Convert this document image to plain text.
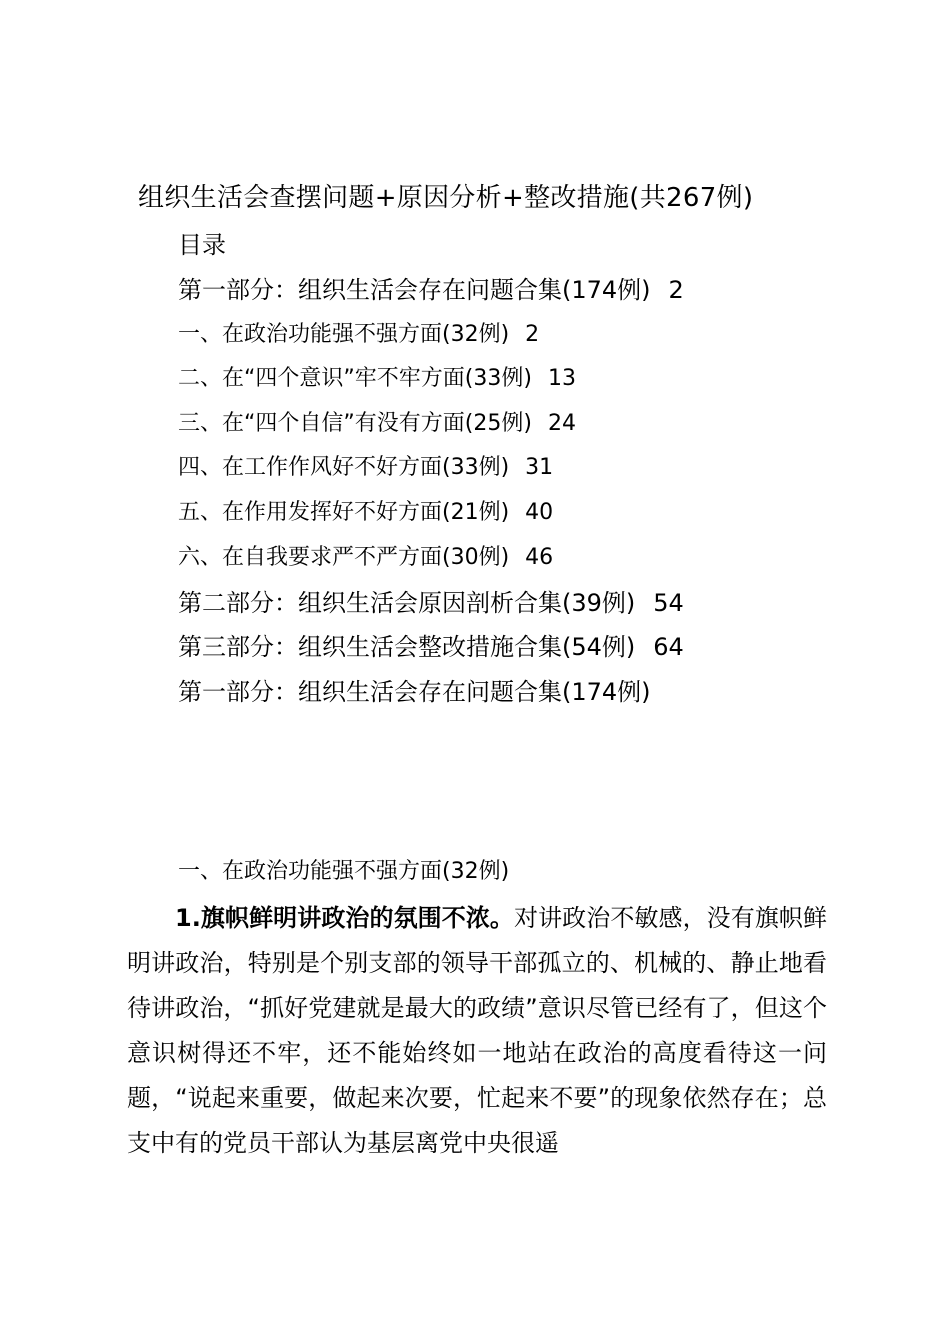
组织生活会查摆问题+原因分析+整改措施(共267例)
目录
第一部分：组织生活会存在问题合集(174例) 2
一、在政治功能强不强方面(32例) 2
二、在“四个意识”牢不牢方面(33例) 13
三、在“四个自信”有没有方面(25例) 24
四、在工作作风好不好方面(33例) 31
五、在作用发挥好不好方面(21例) 40
六、在自我要求严不严方面(30例) 46
第二部分：组织生活会原因剖析合集(39例) 54
第三部分：组织生活会整改措施合集(54例) 64
第一部分：组织生活会存在问题合集(174例)
一、在政治功能强不强方面(32例)
1.旗帜鲜明讲政治的氛围不浓。对讲政治不敏感，没有旗帜鲜明讲政治，特别是个别支部的领导干部孤立的、机械的、静止地看待讲政治，“抓好党建就是最大的政绩”意识尽管已经有了，但这个意识树得还不牢，还不能始终如一地站在政治的高度看待这一问题，“说起来重要，做起来次要，忙起来不要”的现象依然存在；总支中有的党员干部认为基层离党中央很遥
